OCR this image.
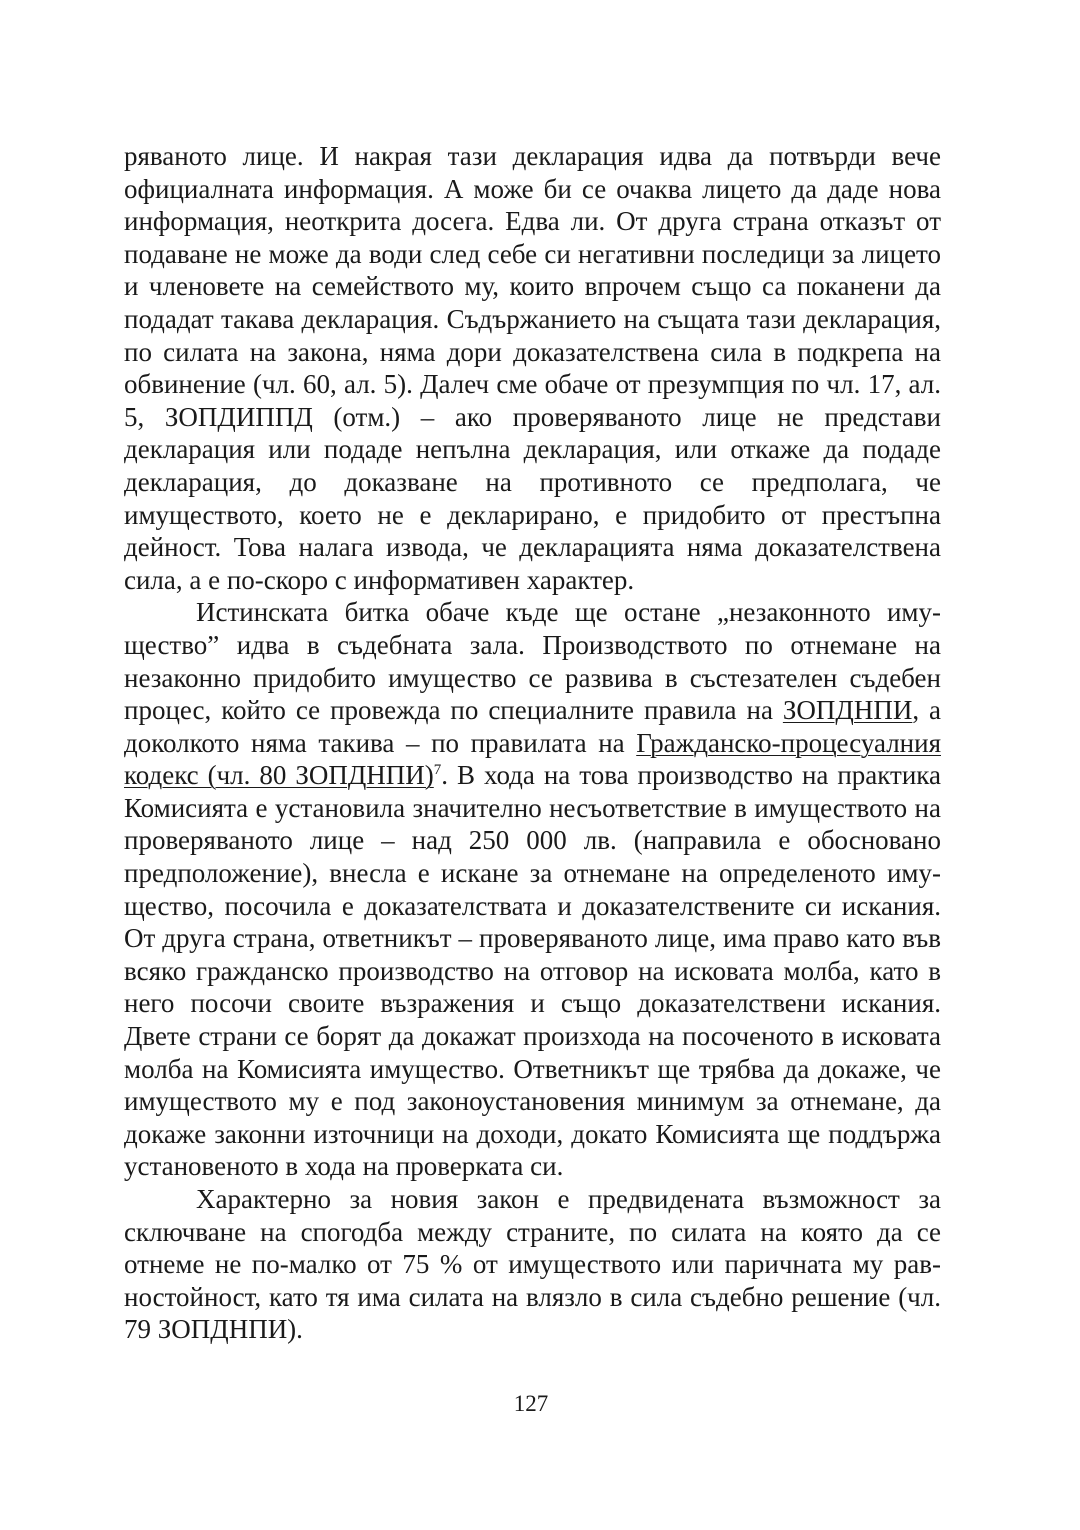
ряваното лице. И накрая тази декларация идва да потвърди вече официалната информация. А може би се очаква лицето да даде нова информация, неоткрита досега. Едва ли. От друга страна отказът от подаване не може да води след себе си негативни последици за лицето и членовете на семейството му, които впрочем също са поканени да подадат такава декларация. Съдържанието на същата тази декларация, по силата на закона, няма дори доказателствена сила в подкрепа на обвинение (чл. 60, ал. 5). Далеч сме обаче от презумпция по чл. 17, ал. 5, ЗОПДИППД (отм.) – ако проверяваното лице не представи декларация или подаде непълна декларация, или откаже да подаде декларация, до доказване на противното се предполага, че имуществото, което не е декларирано, е придобито от престъпна дейност. Това налага извода, че декларацията няма доказателствена сила, а е по-скоро с информативен характер.

Истинската битка обаче къде ще остане „незаконното имущество” идва в съдебната зала. Производството по отнемане на незаконно придобито имущество се развива в състезателен съдебен процес, който се провежда по специалните правила на ЗОПДНПИ, а доколкото няма такива – по правилата на Гражданско-процесуалния кодекс (чл. 80 ЗОПДНПИ)$^7$. В хода на това производство на практика Комисията е установила значително несъответствие в имуществото на проверяваното лице – над 250 000 лв. (направила е обосновано предположение), внесла е искане за отнемане на определеното имущество, посочила е доказателствата и доказателствените си искания. От друга страна, ответникът – проверяваното лице, има право като във всяко гражданско производство на отговор на исковата молба, като в него посочи своите възражения и също доказателствени искания. Двете страни се борят да докажат произхода на посоченото в исковата молба на Комисията имущество. Ответникът ще трябва да докаже, че имуществото му е под законоустановения минимум за отнемане, да докаже законни източници на доходи, докато Комисията ще поддържа установеното в хода на проверката си.

Характерно за новия закон е предвидената възможност за сключване на спогодба между страните, по силата на която да се отнеме не по-малко от 75 % от имуществото или паричната му равностойност, като тя има силата на влязло в сила съдебно решение (чл. 79 ЗОПДНПИ).

127
